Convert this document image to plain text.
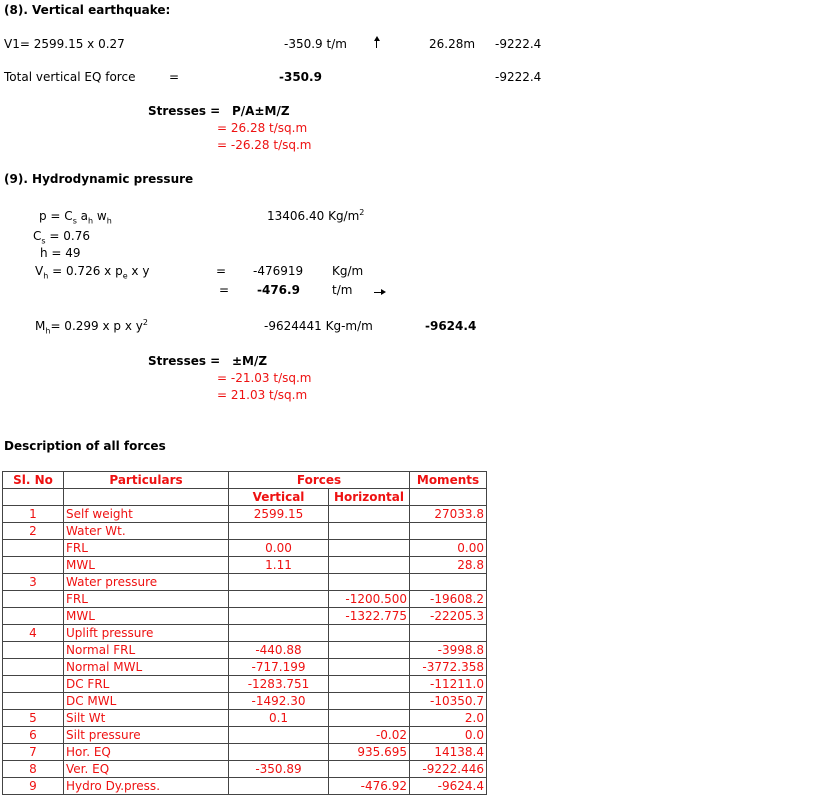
(8). Vertical earthquake:
V1= 2599.15 x 0.27	-350.9 t/m	26.28m -9222.4
Total vertical EQ force	=	-350.9	-9222.4
Stresses = P/A±M/Z
= 26.28 t/sq.m
= -26.28 t/sq.m
(9). Hydrodynamic pressure
$p = C_s$ $a_h$ $w_h$	13406.40 $Kg/m^2$
$C_s = 0.76$
h = 49
$V_h = 0.726$ x $p_e$ x y	= -476919 Kg/m
= -476.9	t/m
$M_h= 0.299$ x p x $y^2$	-9624441 Kg-m/m	-9624.4
Stresses = ±M/Z
= -21.03 t/sq.m
= 21.03 t/sq.m
Description of all forces
Sl. No	Particulars	Forces		Moments
		Vertical	Horizontal	
1	Self weight	2599.15		27033.8
2	Water Wt.			
	FRL	0.00		0.00
	MWL	1.11		28.8
3	Water pressure			
	FRL		-1200.500	-19608.2
	MWL		-1322.775	-22205.3
4	Uplift pressure			
	Normal FRL	-440.88		-3998.8
	Normal MWL	-717.199		-3772.358
	DC FRL	-1283.751		-11211.0
	DC MWL	-1492.30		-10350.7
5	Silt Wt	0.1		2.0
6	Silt pressure		-0.02	0.0
7	Hor. EQ		935.695	14138.4
8	Ver. EQ	-350.89		-9222.446
9	Hydro Dy.press.		-476.92	-9624.4
